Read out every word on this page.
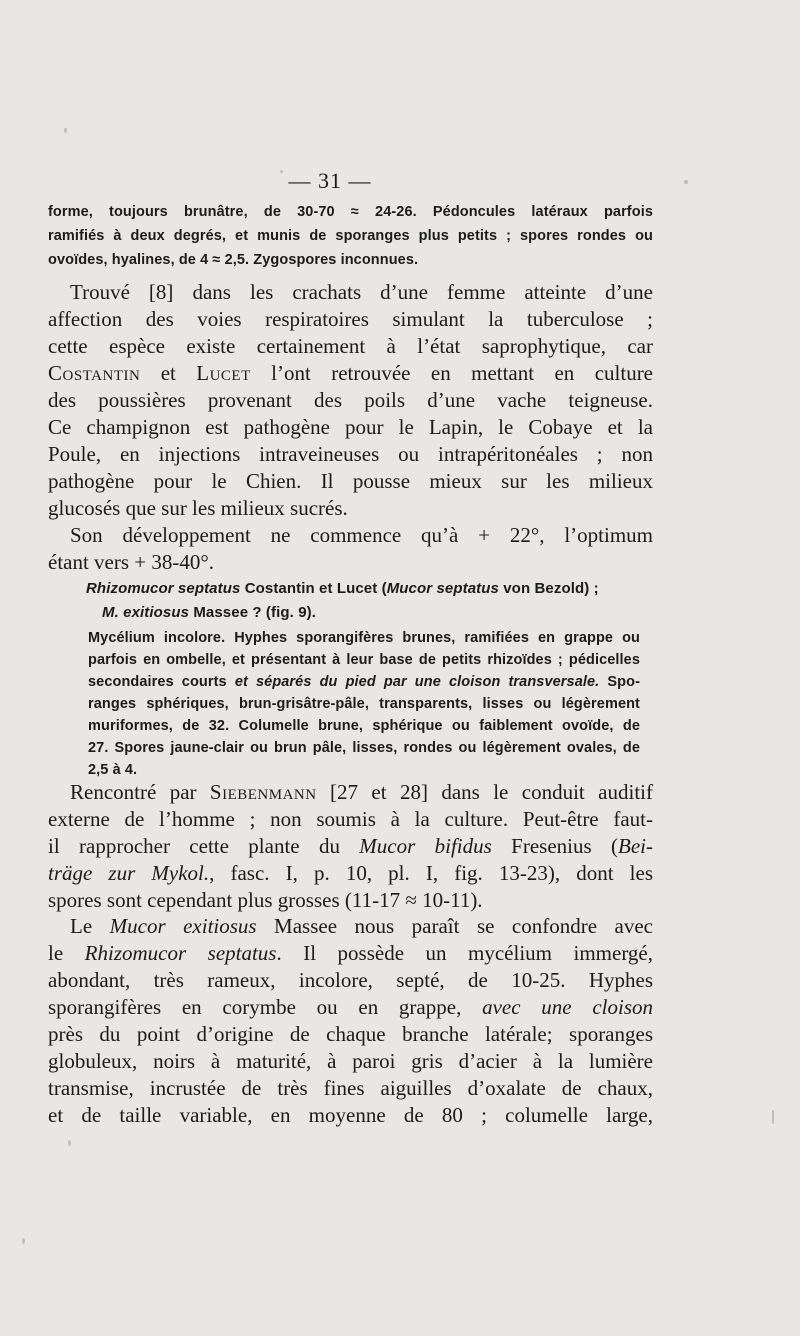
— 31 —
forme, toujours brunâtre, de 30-70 ≈ 24-26. Pédoncules latéraux parfois
ramifiés à deux degrés, et munis de sporanges plus petits ; spores rondes ou
ovoïdes, hyalines, de 4 ≈ 2,5. Zygospores inconnues.
Trouvé [8] dans les crachats d’une femme atteinte d’une
affection des voies respiratoires simulant la tuberculose ;
cette espèce existe certainement à l’état saprophytique, car
Costantin et Lucet l’ont retrouvée en mettant en culture
des poussières provenant des poils d’une vache teigneuse.
Ce champignon est pathogène pour le Lapin, le Cobaye et la
Poule, en injections intraveineuses ou intrapéritonéales ; non
pathogène pour le Chien. Il pousse mieux sur les milieux
glucosés que sur les milieux sucrés.
Son développement ne commence qu’à + 22°, l’optimum
étant vers + 38-40°.
Rhizomucor septatus Costantin et Lucet (Mucor septatus von Bezold) ;
M. exitiosus Massee ? (fig. 9).
Mycélium incolore. Hyphes sporangifères brunes, ramifiées en grappe ou
parfois en ombelle, et présentant à leur base de petits rhizoïdes ; pédicelles
secondaires courts et séparés du pied par une cloison transversale. Spo-
ranges sphériques, brun-grisâtre-pâle, transparents, lisses ou légèrement
muriformes, de 32. Columelle brune, sphérique ou faiblement ovoïde, de
27. Spores jaune-clair ou brun pâle, lisses, rondes ou légèrement ovales, de
2,5 à 4.
Rencontré par Siebenmann [27 et 28] dans le conduit auditif
externe de l’homme ; non soumis à la culture. Peut-être faut-
il rapprocher cette plante du Mucor bifidus Fresenius (Bei-
träge zur Mykol., fasc. I, p. 10, pl. I, fig. 13-23), dont les
spores sont cependant plus grosses (11-17 ≈ 10-11).
Le Mucor exitiosus Massee nous paraît se confondre avec
le Rhizomucor septatus. Il possède un mycélium immergé,
abondant, très rameux, incolore, septé, de 10-25. Hyphes
sporangifères en corymbe ou en grappe, avec une cloison
près du point d’origine de chaque branche latérale; sporanges
globuleux, noirs à maturité, à paroi gris d’acier à la lumière
transmise, incrustée de très fines aiguilles d’oxalate de chaux,
et de taille variable, en moyenne de 80 ; columelle large,
